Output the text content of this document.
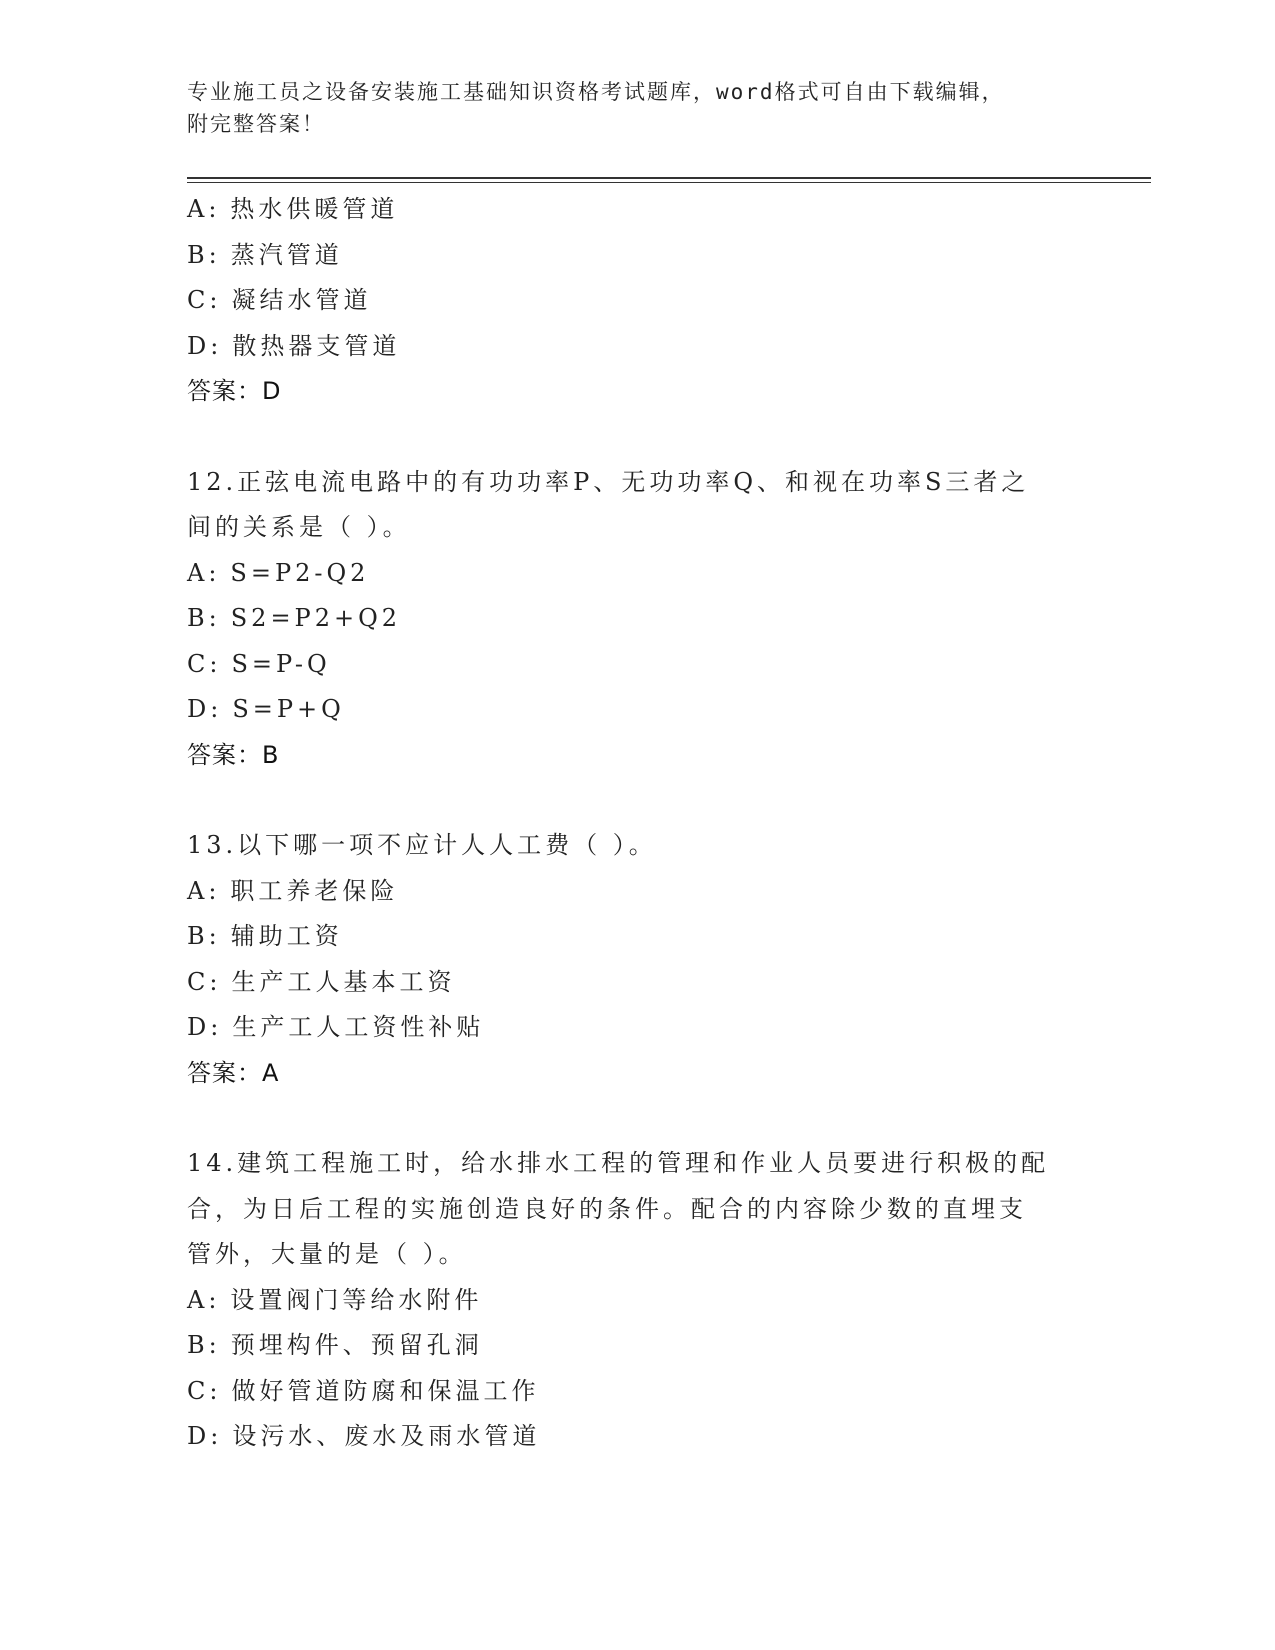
专业施工员之设备安装施工基础知识资格考试题库，word格式可自由下载编辑，
附完整答案！
A: 热水供暖管道
B: 蒸汽管道
C: 凝结水管道
D: 散热器支管道
答案：D
12.正弦电流电路中的有功功率P、无功功率Q、和视在功率S三者之
间的关系是（ ）。
A: S=P2-Q2
B: S2=P2+Q2
C: S=P-Q
D: S=P+Q
答案：B
13.以下哪一项不应计人人工费（ ）。
A: 职工养老保险
B: 辅助工资
C: 生产工人基本工资
D: 生产工人工资性补贴
答案：A
14.建筑工程施工时，给水排水工程的管理和作业人员要进行积极的配
合，为日后工程的实施创造良好的条件。配合的内容除少数的直埋支
管外，大量的是（ ）。
A: 设置阀门等给水附件
B: 预埋构件、预留孔洞
C: 做好管道防腐和保温工作
D: 设污水、废水及雨水管道
